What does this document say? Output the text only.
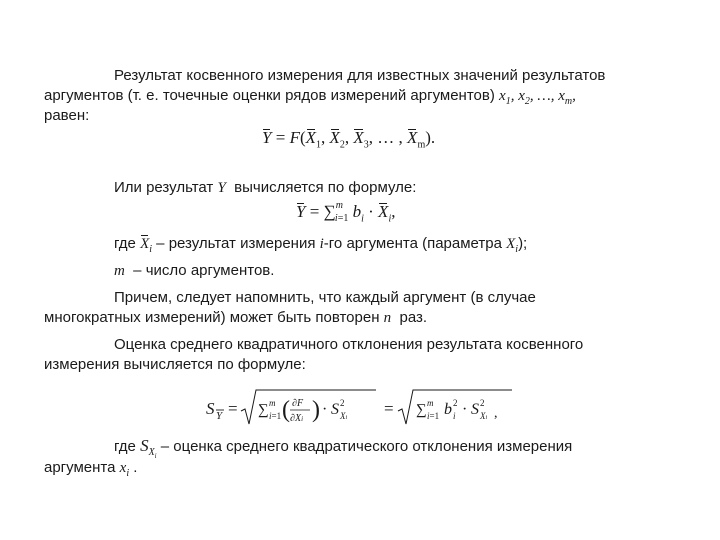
Результат косвенного измерения для известных значений результатов
аргументов (т. е. точечные оценки рядов измерений аргументов) $x_1$, $x_2$, …, $x_m$,
равен:
$Y = F(X_1$, $X_2$, $X_3$, … , $X_m$).
Или результат Y  вычисляется по формуле:
Y = ∑$^m_{i=1}$ $b_i \cdot X_i$,
где $X_i$ – результат измерения i-го аргумента (параметра $X_i$);
m  – число аргументов.
Причем, следует напомнить, что каждый аргумент (в случае
многократных измерений) может быть повторен n  раз.
Оценка среднего квадратичного отклонения результата косвенного
измерения вычисляется по формуле:
S Y = ∑ m
i=1 ( ∂F
∂Xi ) · S 2
Xi = ∑ m
i=1 b 2
i · S 2
Xi ,
где $S_{X_i}$ – оценка среднего квадратического отклонения измерения
аргумента $x_i$ .
